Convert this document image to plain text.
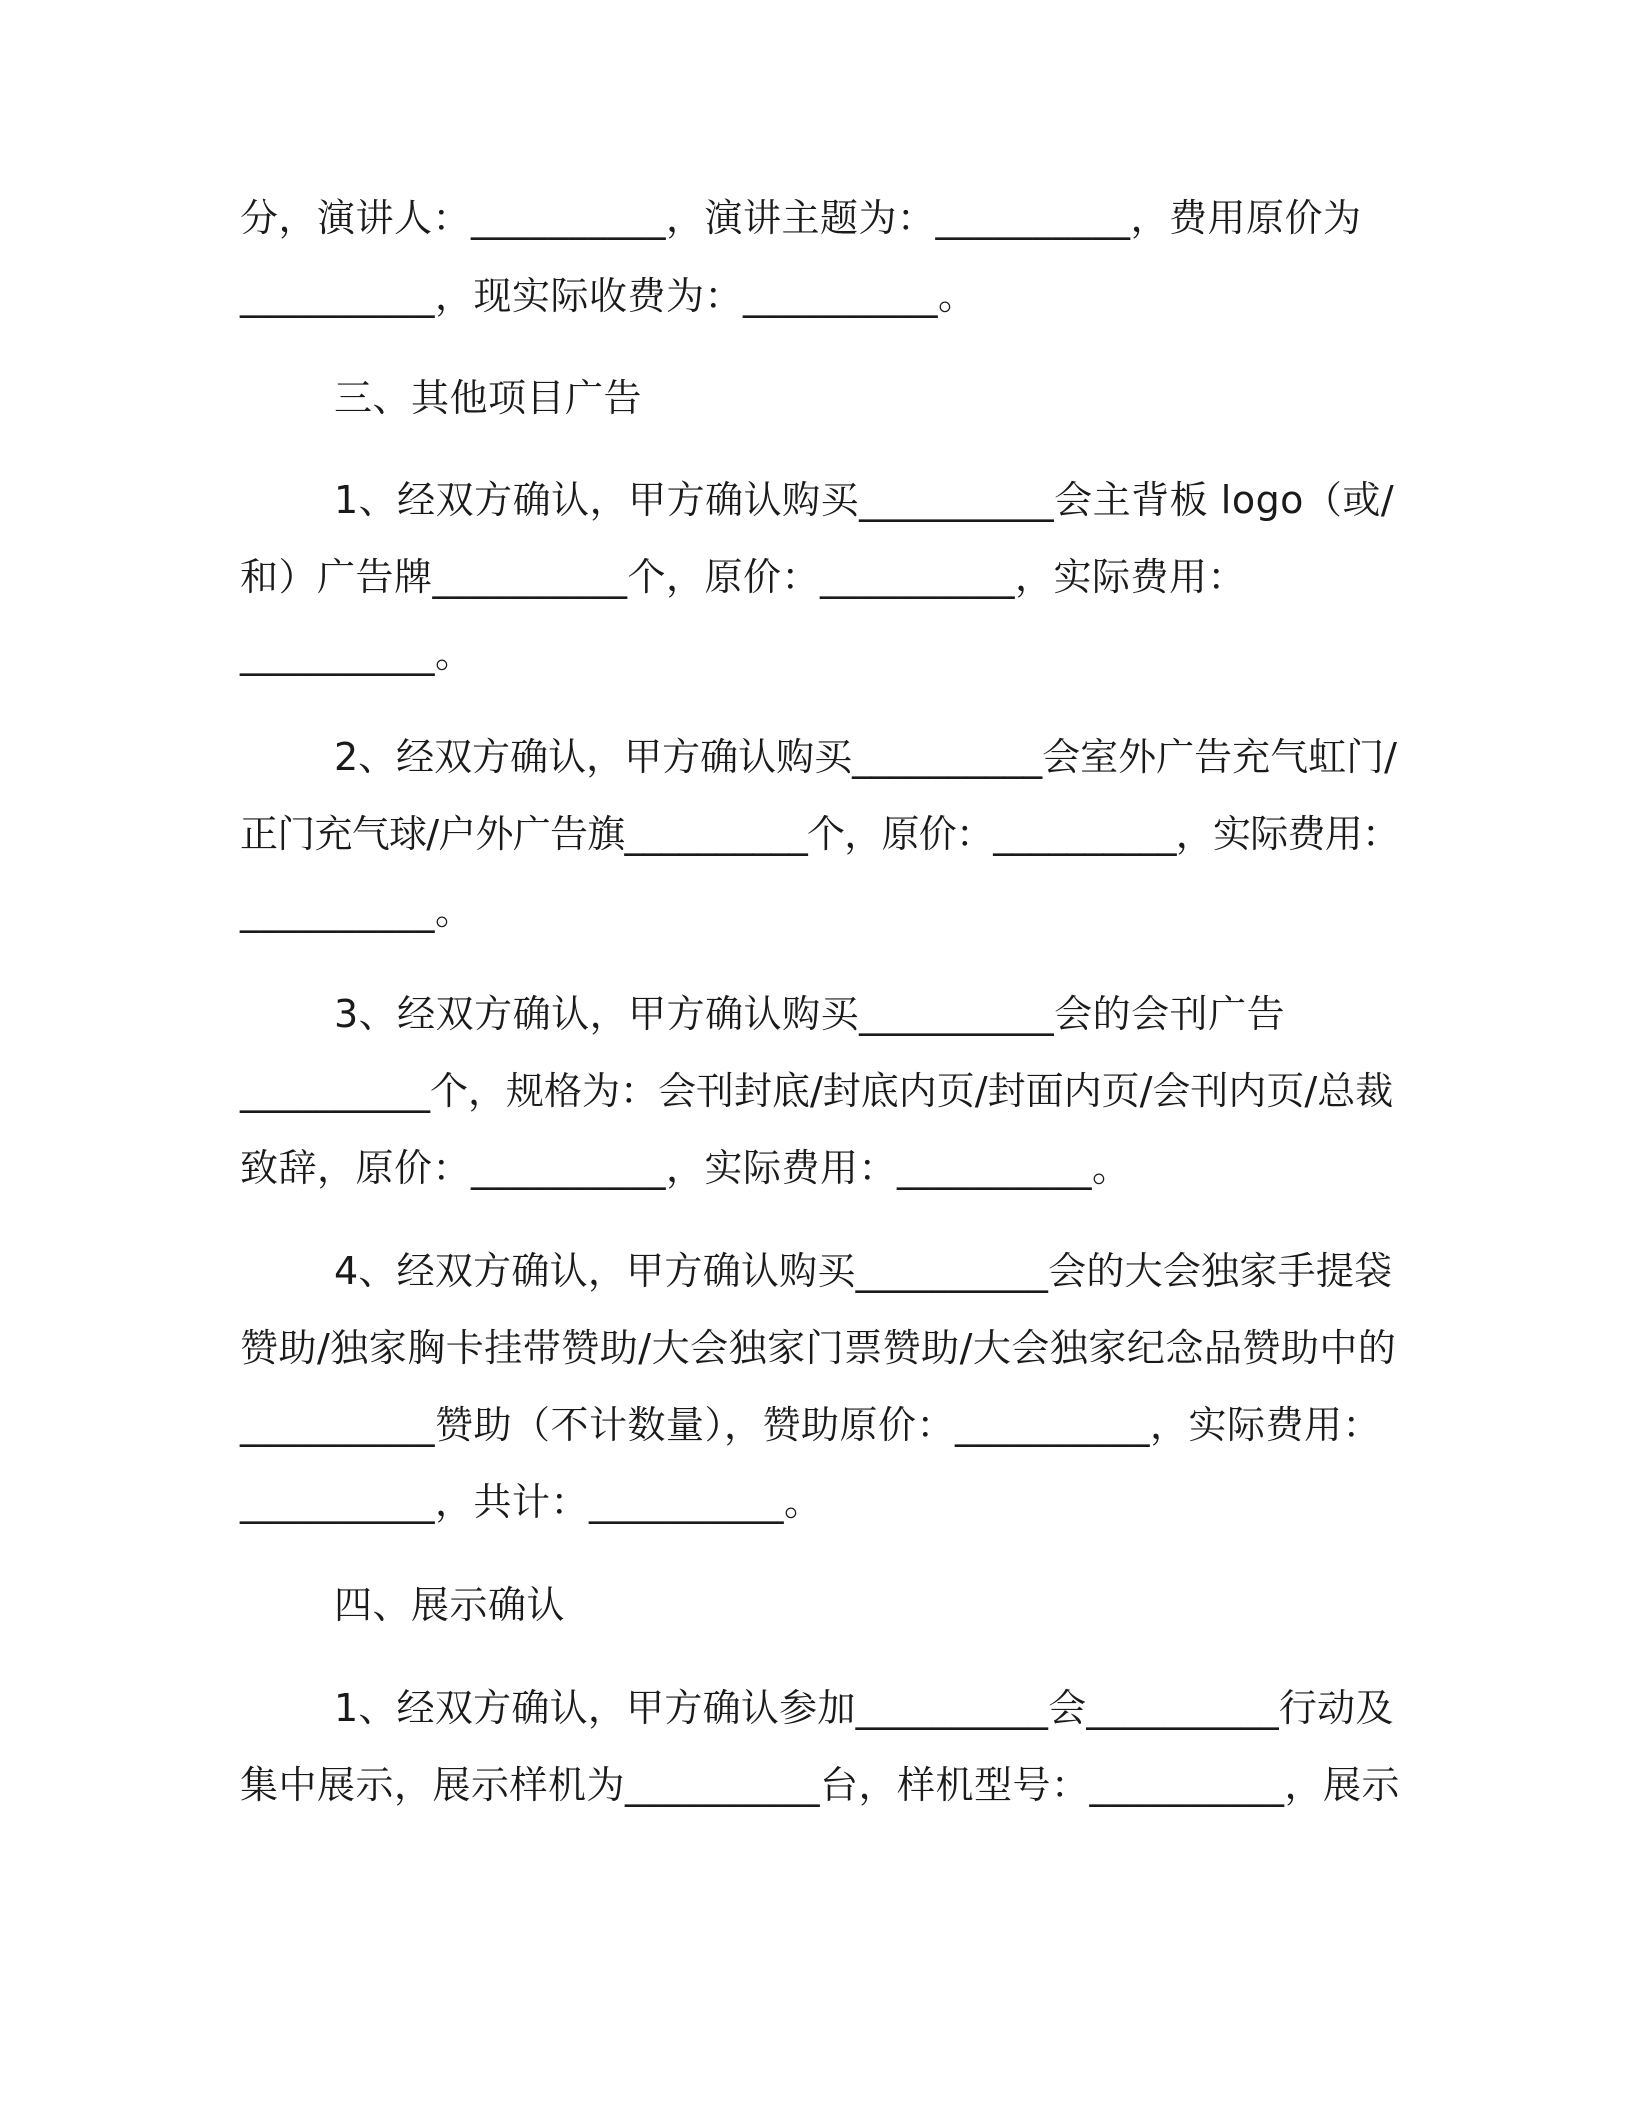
分，演讲人：__________，演讲主题为：__________，费用原价为
__________，现实际收费为：__________。
三、其他项目广告
1、经双方确认，甲方确认购买__________会主背板 logo（或/
和）广告牌__________个，原价：__________，实际费用：
__________。
2、经双方确认，甲方确认购买__________会室外广告充气虹门/
正门充气球/户外广告旗__________个，原价：__________，实际费用：
__________。
3、经双方确认，甲方确认购买__________会的会刊广告
__________个，规格为：会刊封底/封底内页/封面内页/会刊内页/总裁
致辞，原价：__________，实际费用：__________。
4、经双方确认，甲方确认购买__________会的大会独家手提袋
赞助/独家胸卡挂带赞助/大会独家门票赞助/大会独家纪念品赞助中的
__________赞助（不计数量），赞助原价：__________，实际费用：
__________，共计：__________。
四、展示确认
1、经双方确认，甲方确认参加__________会__________行动及
集中展示，展示样机为__________台，样机型号：__________，展示
